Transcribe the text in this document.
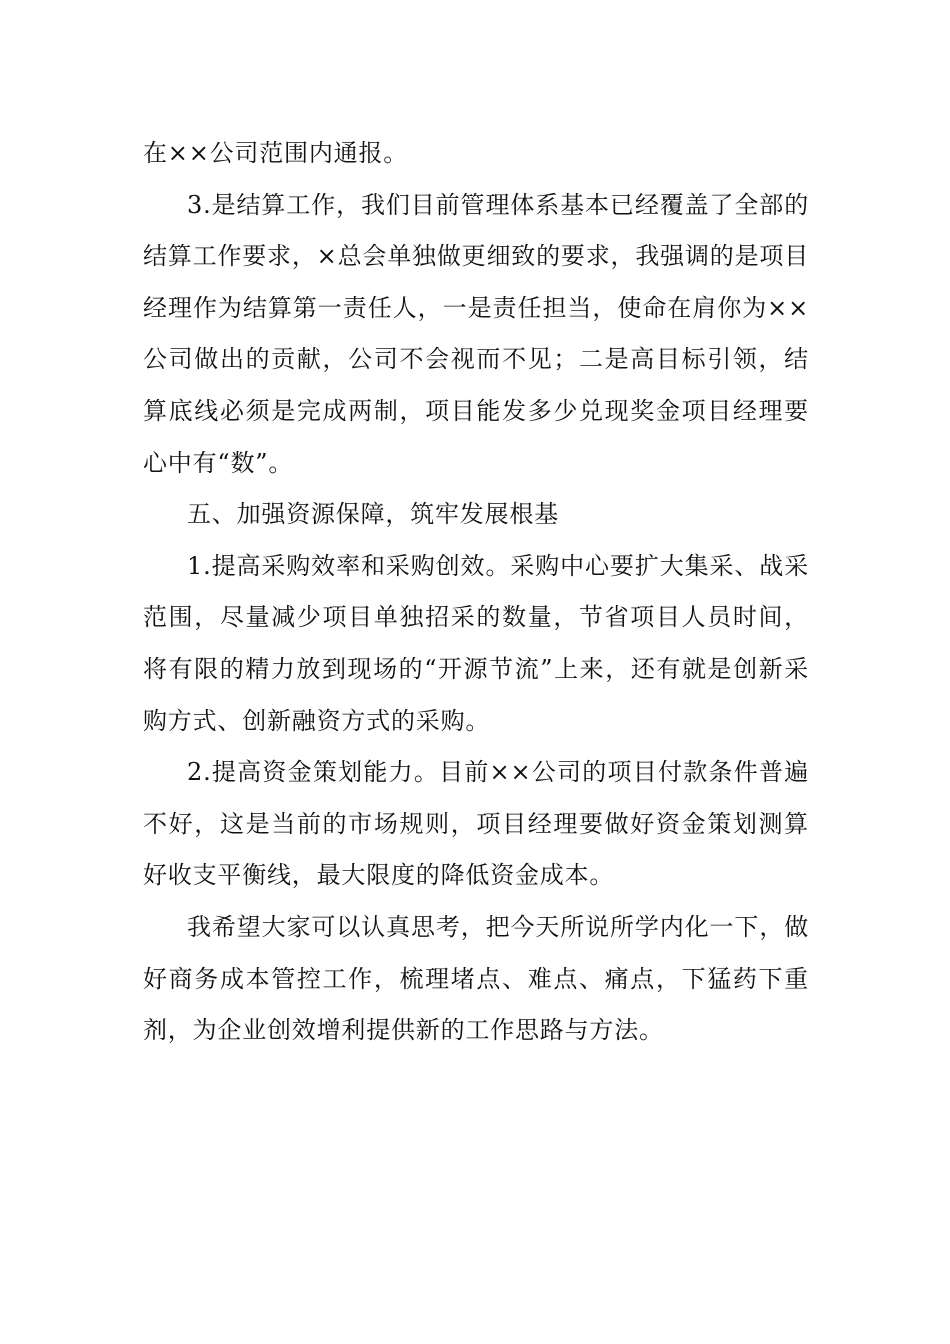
在××公司范围内通报。

3.是结算工作，我们目前管理体系基本已经覆盖了全部的结算工作要求，×总会单独做更细致的要求，我强调的是项目经理作为结算第一责任人，一是责任担当，使命在肩你为××公司做出的贡献，公司不会视而不见；二是高目标引领，结算底线必须是完成两制，项目能发多少兑现奖金项目经理要心中有“数”。

五、加强资源保障，筑牢发展根基

1.提高采购效率和采购创效。采购中心要扩大集采、战采范围，尽量减少项目单独招采的数量，节省项目人员时间，将有限的精力放到现场的“开源节流”上来，还有就是创新采购方式、创新融资方式的采购。

2.提高资金策划能力。目前××公司的项目付款条件普遍不好，这是当前的市场规则，项目经理要做好资金策划测算好收支平衡线，最大限度的降低资金成本。

我希望大家可以认真思考，把今天所说所学内化一下，做好商务成本管控工作，梳理堵点、难点、痛点，下猛药下重剂，为企业创效增利提供新的工作思路与方法。
